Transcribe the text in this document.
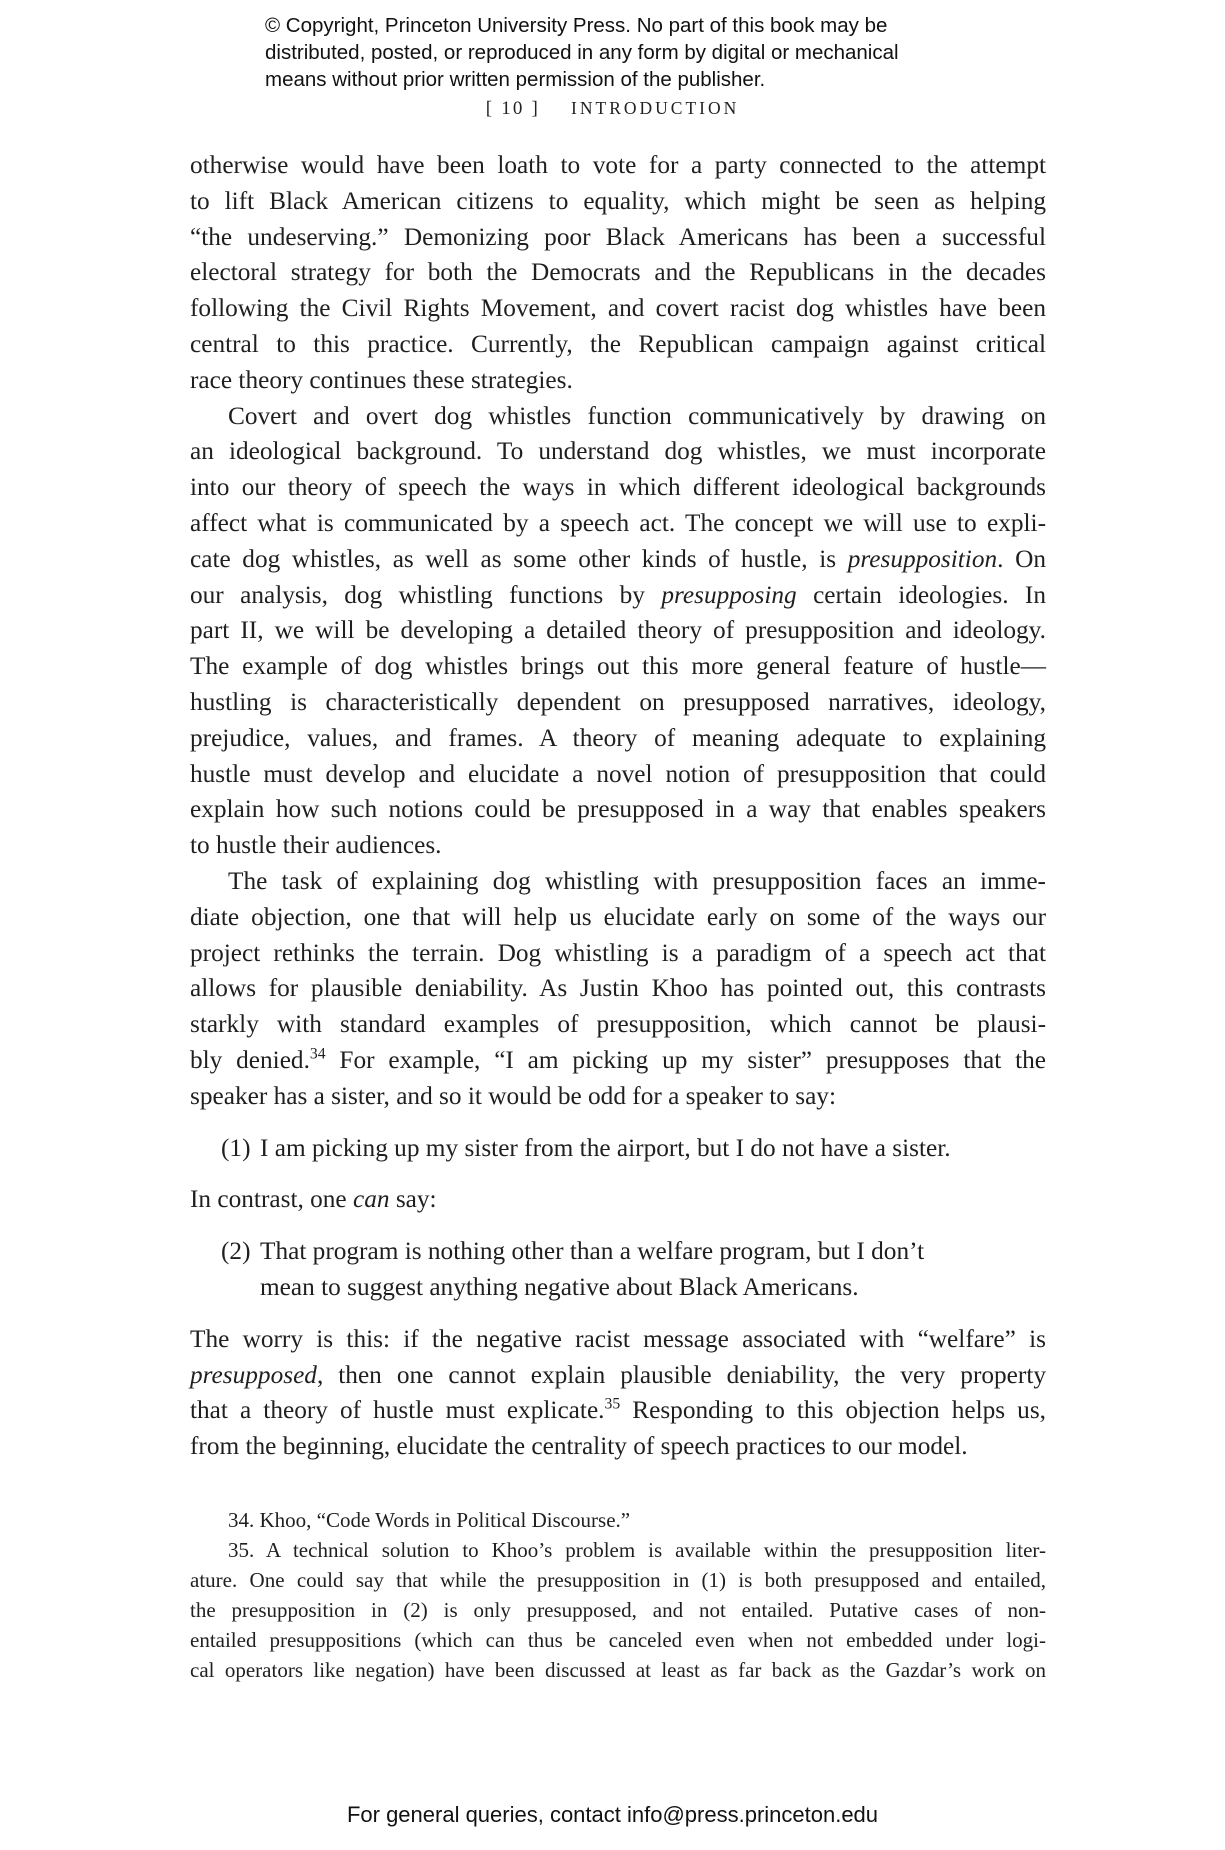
© Copyright, Princeton University Press. No part of this book may be
distributed, posted, or reproduced in any form by digital or mechanical
means without prior written permission of the publisher.
[ 10 ] INTRODUCTION
otherwise would have been loath to vote for a party connected to the attempt
to lift Black American citizens to equality, which might be seen as helping
“the undeserving.” Demonizing poor Black Americans has been a successful
electoral strategy for both the Democrats and the Republicans in the decades
following the Civil Rights Movement, and covert racist dog whistles have been
central to this practice. Currently, the Republican campaign against critical
race theory continues these strategies.
Covert and overt dog whistles function communicatively by drawing on
an ideological background. To understand dog whistles, we must incorporate
into our theory of speech the ways in which different ideological backgrounds
affect what is communicated by a speech act. The concept we will use to expli-
cate dog whistles, as well as some other kinds of hustle, is presupposition. On
our analysis, dog whistling functions by presupposing certain ideologies. In
part II, we will be developing a detailed theory of presupposition and ideology.
The example of dog whistles brings out this more general feature of hustle—
hustling is characteristically dependent on presupposed narratives, ideology,
prejudice, values, and frames. A theory of meaning adequate to explaining
hustle must develop and elucidate a novel notion of presupposition that could
explain how such notions could be presupposed in a way that enables speakers
to hustle their audiences.
The task of explaining dog whistling with presupposition faces an imme-
diate objection, one that will help us elucidate early on some of the ways our
project rethinks the terrain. Dog whistling is a paradigm of a speech act that
allows for plausible deniability. As Justin Khoo has pointed out, this contrasts
starkly with standard examples of presupposition, which cannot be plausi-
bly denied.$^{34}$ For example, “I am picking up my sister” presupposes that the
speaker has a sister, and so it would be odd for a speaker to say:
(1) I am picking up my sister from the airport, but I do not have a sister.
In contrast, one can say:
(2) That program is nothing other than a welfare program, but I don’t
mean to suggest anything negative about Black Americans.
The worry is this: if the negative racist message associated with “welfare” is
presupposed, then one cannot explain plausible deniability, the very property
that a theory of hustle must explicate.$^{35}$ Responding to this objection helps us,
from the beginning, elucidate the centrality of speech practices to our model.
34. Khoo, “Code Words in Political Discourse.”
35. A technical solution to Khoo’s problem is available within the presupposition liter-
ature. One could say that while the presupposition in (1) is both presupposed and entailed,
the presupposition in (2) is only presupposed, and not entailed. Putative cases of non-
entailed presuppositions (which can thus be canceled even when not embedded under logi-
cal operators like negation) have been discussed at least as far back as the Gazdar’s work on
For general queries, contact info@press.princeton.edu
